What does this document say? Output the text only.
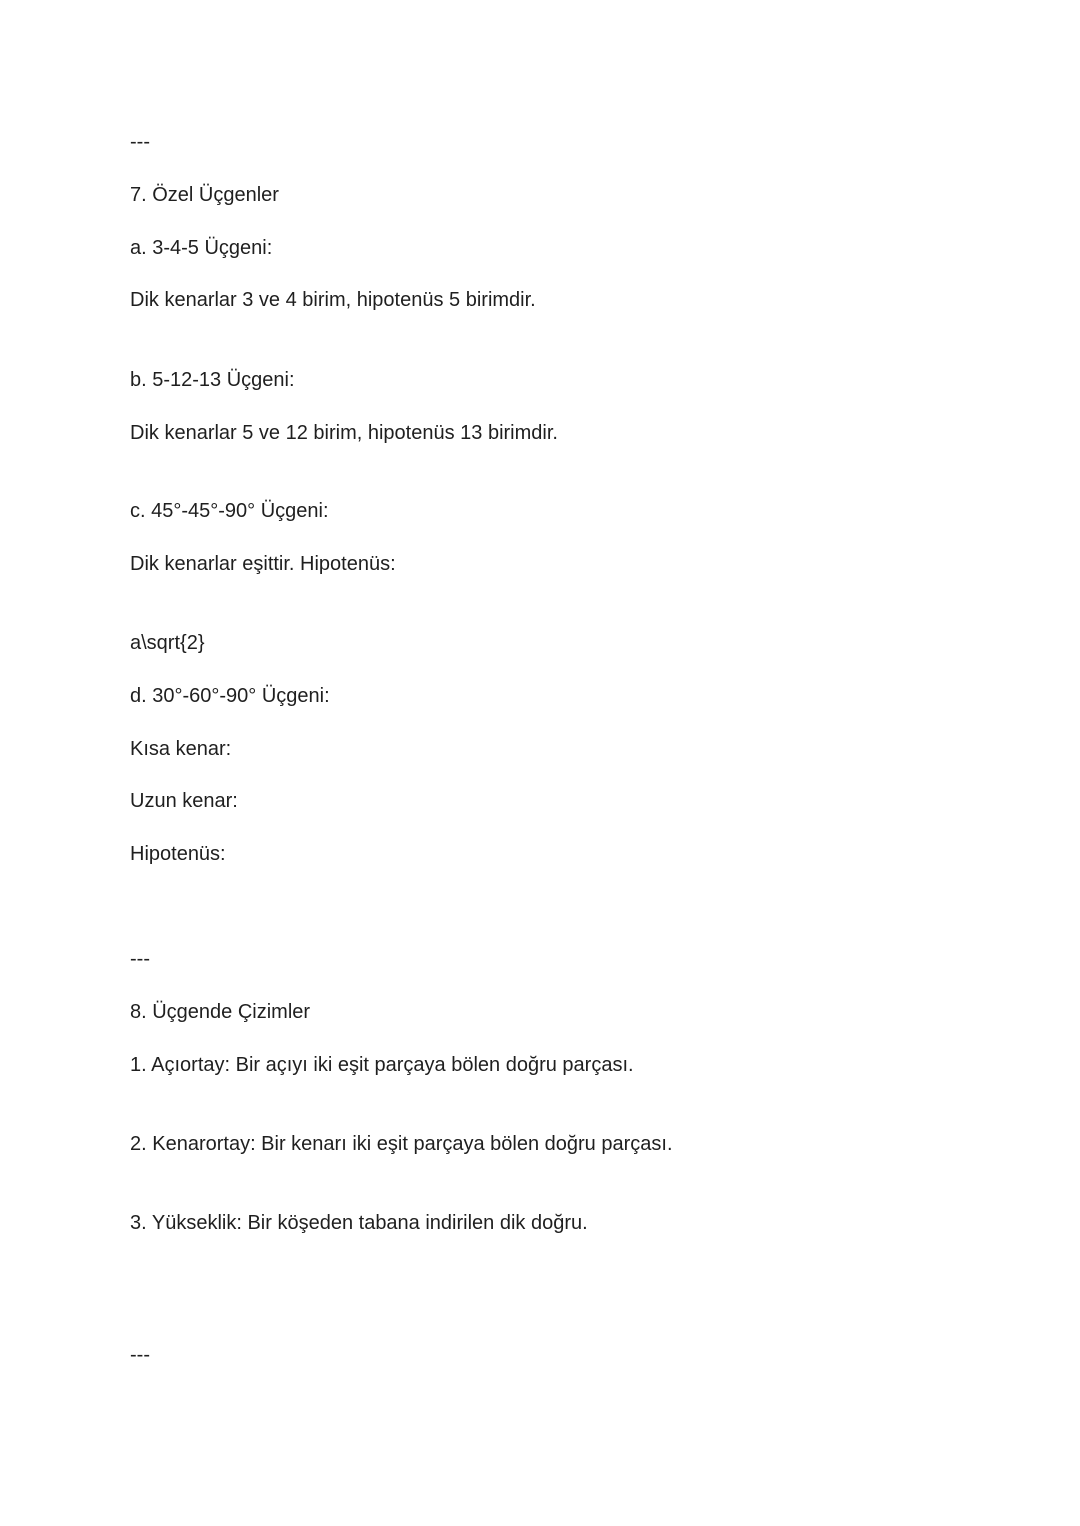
---
7. Özel Üçgenler
a. 3-4-5 Üçgeni:
Dik kenarlar 3 ve 4 birim, hipotenüs 5 birimdir.
b. 5-12-13 Üçgeni:
Dik kenarlar 5 ve 12 birim, hipotenüs 13 birimdir.
c. 45°-45°-90° Üçgeni:
Dik kenarlar eşittir. Hipotenüs:
a\sqrt{2}
d. 30°-60°-90° Üçgeni:
Kısa kenar:
Uzun kenar:
Hipotenüs:
---
8. Üçgende Çizimler
1. Açıortay: Bir açıyı iki eşit parçaya bölen doğru parçası.
2. Kenarortay: Bir kenarı iki eşit parçaya bölen doğru parçası.
3. Yükseklik: Bir köşeden tabana indirilen dik doğru.
---
